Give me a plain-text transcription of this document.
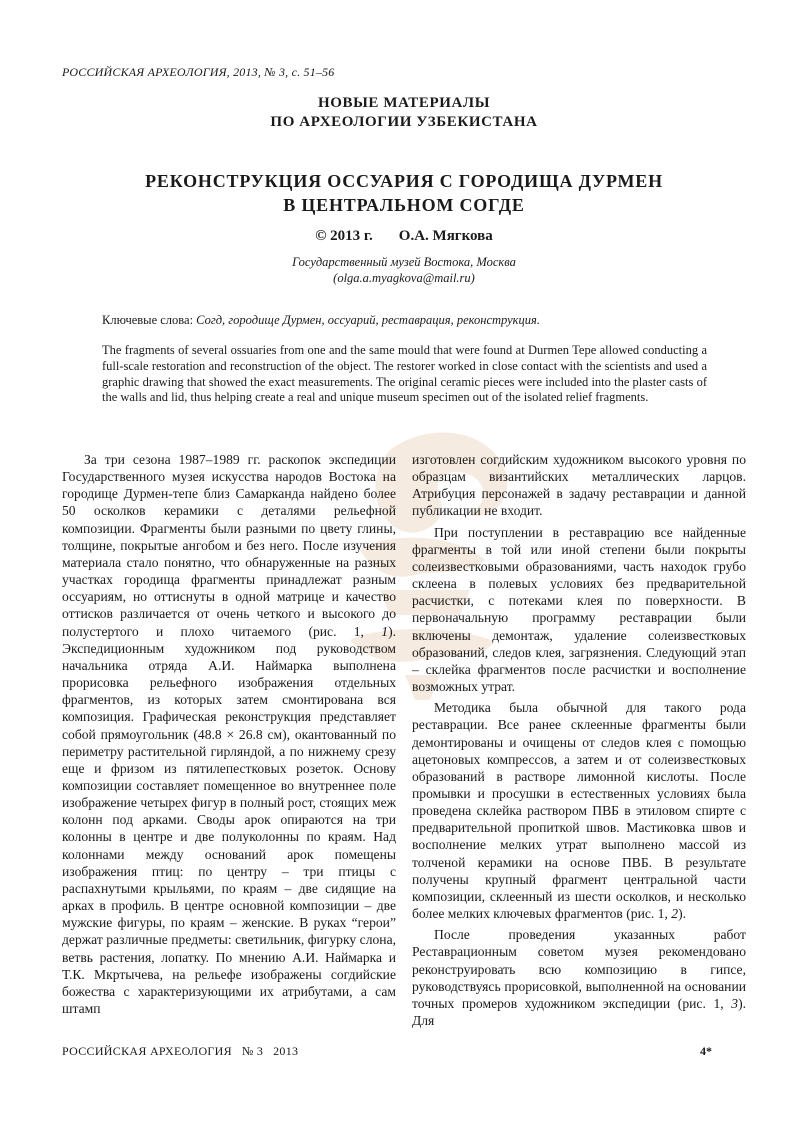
РОССИЙСКАЯ АРХЕОЛОГИЯ, 2013, № 3, с. 51–56
НОВЫЕ МАТЕРИАЛЫ
ПО АРХЕОЛОГИИ УЗБЕКИСТАНА
РЕКОНСТРУКЦИЯ ОССУАРИЯ С ГОРОДИЩА ДУРМЕН
В ЦЕНТРАЛЬНОМ СОГДЕ
© 2013 г. О.А. Мягкова
Государственный музей Востока, Москва
(olga.a.myagkova@mail.ru)
Ключевые слова: Согд, городище Дурмен, оссуарий, реставрация, реконструкция.
The fragments of several ossuaries from one and the same mould that were found at Durmen Tepe allowed conducting a full-scale restoration and reconstruction of the object. The restorer worked in close contact with the scientists and used a graphic drawing that showed the exact measurements. The original ceramic pieces were included into the plaster casts of the walls and lid, thus helping create a real and unique museum specimen out of the isolated relief fragments.

За три сезона 1987–1989 гг. раскопок экспедиции Государственного музея искусства народов Востока на городище Дурмен-тепе близ Самарканда найдено более 50 осколков керамики с деталями рельефной композиции. Фрагменты были разными по цвету глины, толщине, покрытые ангобом и без него. После изучения материала стало понятно, что обнаруженные на разных участках городища фрагменты принадлежат разным оссуариям, но оттиснуты в одной матрице и качество оттисков различается от очень четкого и высокого до полустертого и плохо читаемого (рис. 1, 1). Экспедиционным художником под руководством начальника отряда А.И. Наймарка выполнена прорисовка рельефного изображения отдельных фрагментов, из которых затем смонтирована вся композиция. Графическая реконструкция представляет собой прямоугольник (48.8 × 26.8 см), окантованный по периметру растительной гирляндой, а по нижнему срезу еще и фризом из пятилепестковых розеток. Основу композиции составляет помещенное во внутреннее поле изображение четырех фигур в полный рост, стоящих меж колонн под арками. Своды арок опираются на три колонны в центре и две полуколонны по краям. Над колоннами между оснований арок помещены изображения птиц: по центру – три птицы с распахнутыми крыльями, по краям – две сидящие на арках в профиль. В центре основной композиции – две мужские фигуры, по краям – женские. В руках “герои” держат различные предметы: светильник, фигурку слона, ветвь растения, лопатку. По мнению А.И. Наймарка и Т.К. Мкртычева, на рельефе изображены согдийские божества с характеризующими их атрибутами, а сам штамп

изготовлен согдийским художником высокого уровня по образцам византийских металлических ларцов. Атрибуция персонажей в задачу реставрации и данной публикации не входит.

При поступлении в реставрацию все найденные фрагменты в той или иной степени были покрыты солеизвестковыми образованиями, часть находок грубо склеена в полевых условиях без предварительной расчистки, с потеками клея по поверхности. В первоначальную программу реставрации были включены демонтаж, удаление солеизвестковых образований, следов клея, загрязнения. Следующий этап – склейка фрагментов после расчистки и восполнение возможных утрат.

Методика была обычной для такого рода реставрации. Все ранее склеенные фрагменты были демонтированы и очищены от следов клея с помощью ацетоновых компрессов, а затем и от солеизвестковых образований в растворе лимонной кислоты. После промывки и просушки в естественных условиях была проведена склейка раствором ПВБ в этиловом спирте с предварительной пропиткой швов. Мастиковка швов и восполнение мелких утрат выполнено массой из толченой керамики на основе ПВБ. В результате получены крупный фрагмент центральной части композиции, склеенный из шести осколков, и несколько более мелких ключевых фрагментов (рис. 1, 2).

После проведения указанных работ Реставрационным советом музея рекомендовано реконструировать всю композицию в гипсе, руководствуясь прорисовкой, выполненной на основании точных промеров художником экспедиции (рис. 1, 3). Для

РОССИЙСКАЯ АРХЕОЛОГИЯ № 3 2013	4*
